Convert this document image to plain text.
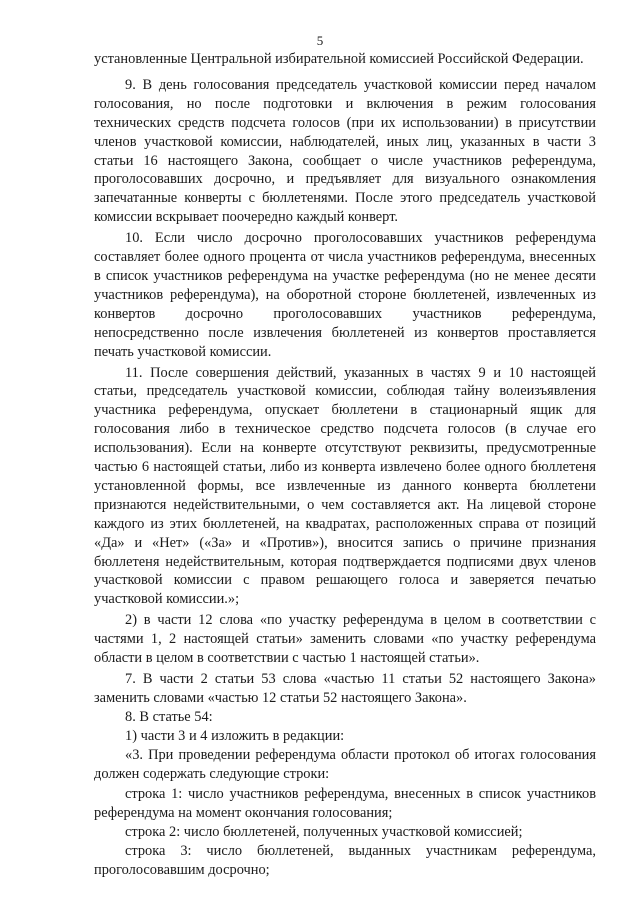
5

установленные Центральной избирательной комиссией Российской Федерации.

9. В день голосования председатель участковой комиссии перед началом голосования, но после подготовки и включения в режим голосования технических средств подсчета голосов (при их использовании) в присутствии членов участковой комиссии, наблюдателей, иных лиц, указанных в части 3 статьи 16 настоящего Закона, сообщает о числе участников референдума, проголосовавших досрочно, и предъявляет для визуального ознакомления запечатанные конверты с бюллетенями. После этого председатель участковой комиссии вскрывает поочередно каждый конверт.

10. Если число досрочно проголосовавших участников референдума составляет более одного процента от числа участников референдума, внесенных в список участников референдума на участке референдума (но не менее десяти участников референдума), на оборотной стороне бюллетеней, извлеченных из конвертов досрочно проголосовавших участников референдума, непосредственно после извлечения бюллетеней из конвертов проставляется печать участковой комиссии.

11. После совершения действий, указанных в частях 9 и 10 настоящей статьи, председатель участковой комиссии, соблюдая тайну волеизъявления участника референдума, опускает бюллетени в стационарный ящик для голосования либо в техническое средство подсчета голосов (в случае его использования). Если на конверте отсутствуют реквизиты, предусмотренные частью 6 настоящей статьи, либо из конверта извлечено более одного бюллетеня установленной формы, все извлеченные из данного конверта бюллетени признаются недействительными, о чем составляется акт. На лицевой стороне каждого из этих бюллетеней, на квадратах, расположенных справа от позиций «Да» и «Нет» («За» и «Против»), вносится запись о причине признания бюллетеня недействительным, которая подтверждается подписями двух членов участковой комиссии с правом решающего голоса и заверяется печатью участковой комиссии.»;

2) в части 12 слова «по участку референдума в целом в соответствии с частями 1, 2 настоящей статьи» заменить словами «по участку референдума области в целом в соответствии с частью 1 настоящей статьи».

7. В части 2 статьи 53 слова «частью 11 статьи 52 настоящего Закона» заменить словами «частью 12 статьи 52 настоящего Закона».

8. В статье 54:

1) части 3 и 4 изложить в редакции:

«3. При проведении референдума области протокол об итогах голосования должен содержать следующие строки:

строка 1: число участников референдума, внесенных в список участников референдума на момент окончания голосования;

строка 2: число бюллетеней, полученных участковой комиссией;

строка 3: число бюллетеней, выданных участникам референдума, проголосовавшим досрочно;
